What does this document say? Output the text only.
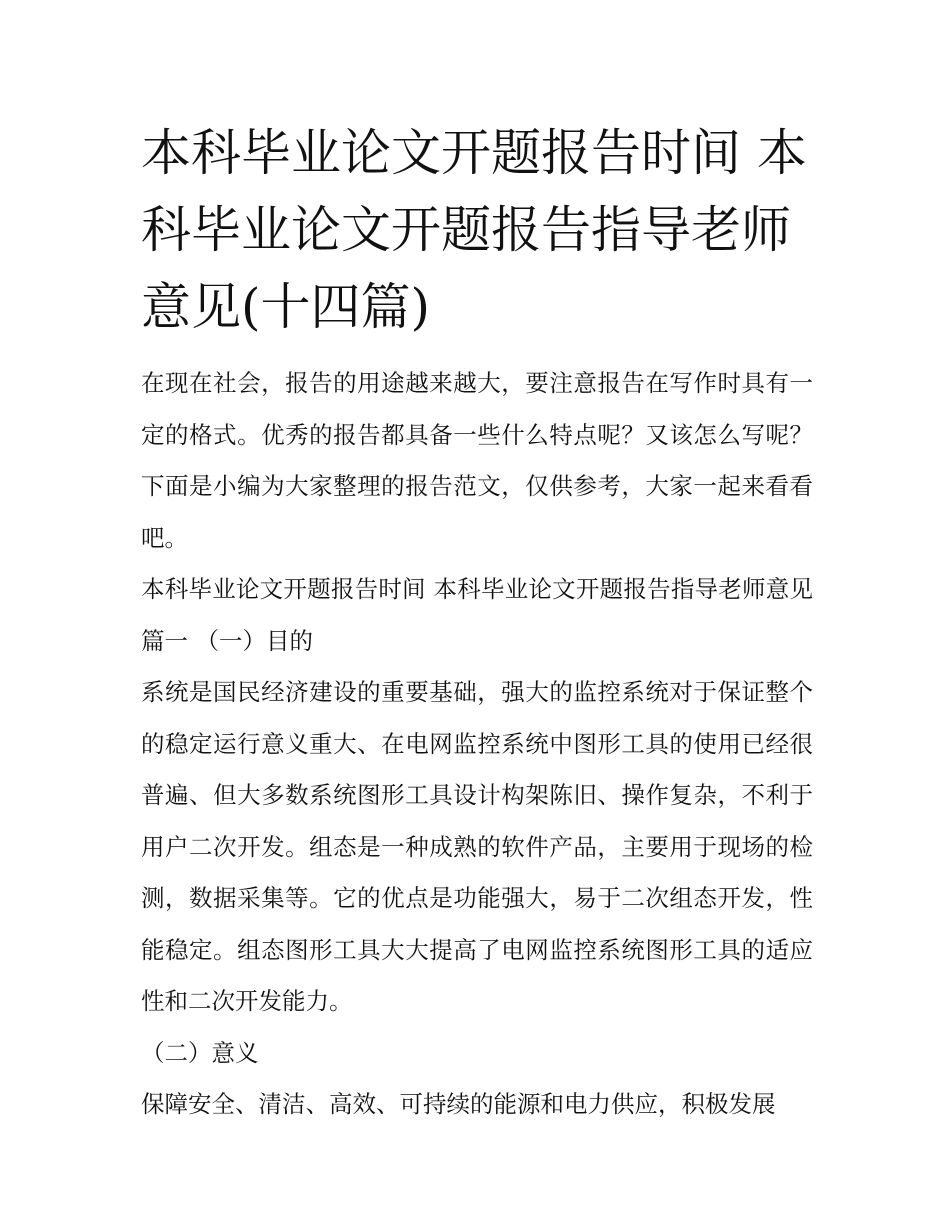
本科毕业论文开题报告时间 本科毕业论文开题报告指导老师意见(十四篇)

在现在社会，报告的用途越来越大，要注意报告在写作时具有一定的格式。优秀的报告都具备一些什么特点呢？又该怎么写呢？下面是小编为大家整理的报告范文，仅供参考，大家一起来看看吧。

本科毕业论文开题报告时间 本科毕业论文开题报告指导老师意见篇一 （一）目的

系统是国民经济建设的重要基础，强大的监控系统对于保证整个的稳定运行意义重大、在电网监控系统中图形工具的使用已经很普遍、但大多数系统图形工具设计构架陈旧、操作复杂，不利于用户二次开发。组态是一种成熟的软件产品，主要用于现场的检测，数据采集等。它的优点是功能强大，易于二次组态开发，性能稳定。组态图形工具大大提高了电网监控系统图形工具的适应性和二次开发能力。

（二）意义

保障安全、清洁、高效、可持续的能源和电力供应，积极发展
